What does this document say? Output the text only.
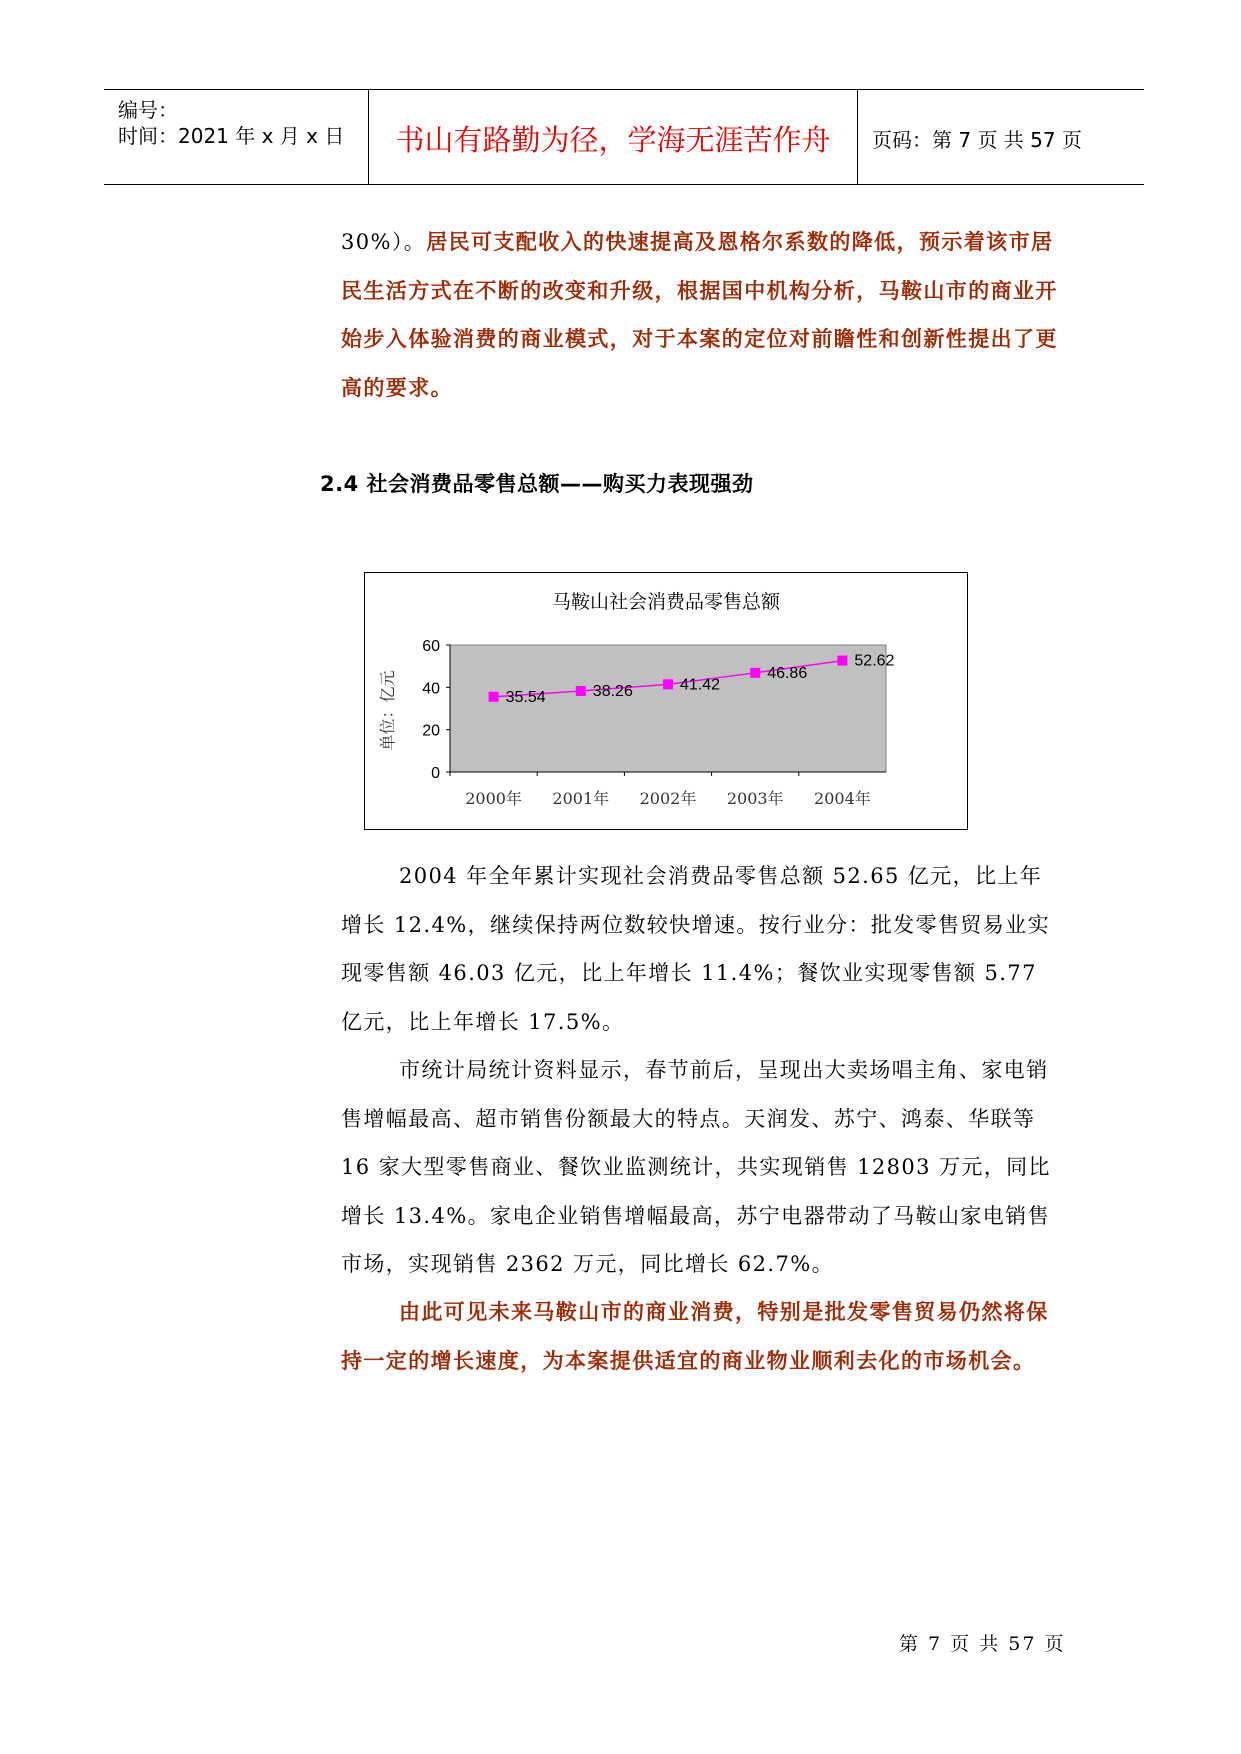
编号：
时间：2021 年 x 月 x 日	书山有路勤为径，学海无涯苦作舟	页码：第 7 页 共 57 页
30%）。居民可支配收入的快速提高及恩格尔系数的降低，预示着该市居民生活方式在不断的改变和升级，根据国中机构分析，马鞍山市的商业开始步入体验消费的商业模式，对于本案的定位对前瞻性和创新性提出了更高的要求。
2.4 社会消费品零售总额——购买力表现强劲
马鞍山社会消费品零售总额
0
20
40
60
单位：亿元
2000年 2001年 2002年 2003年 2004年
35.54	38.26	41.42
46.86
52.62
2004 年全年累计实现社会消费品零售总额 52.65 亿元，比上年增长 12.4%，继续保持两位数较快增速。按行业分：批发零售贸易业实现零售额 46.03 亿元，比上年增长 11.4%；餐饮业实现零售额 5.77 亿元，比上年增长 17.5%。
市统计局统计资料显示，春节前后，呈现出大卖场唱主角、家电销售增幅最高、超市销售份额最大的特点。天润发、苏宁、鸿泰、华联等 16 家大型零售商业、餐饮业监测统计，共实现销售 12803 万元，同比增长 13.4%。家电企业销售增幅最高，苏宁电器带动了马鞍山家电销售市场，实现销售 2362 万元，同比增长 62.7%。
由此可见未来马鞍山市的商业消费，特别是批发零售贸易仍然将保持一定的增长速度，为本案提供适宜的商业物业顺利去化的市场机会。
第 7 页 共 57 页
